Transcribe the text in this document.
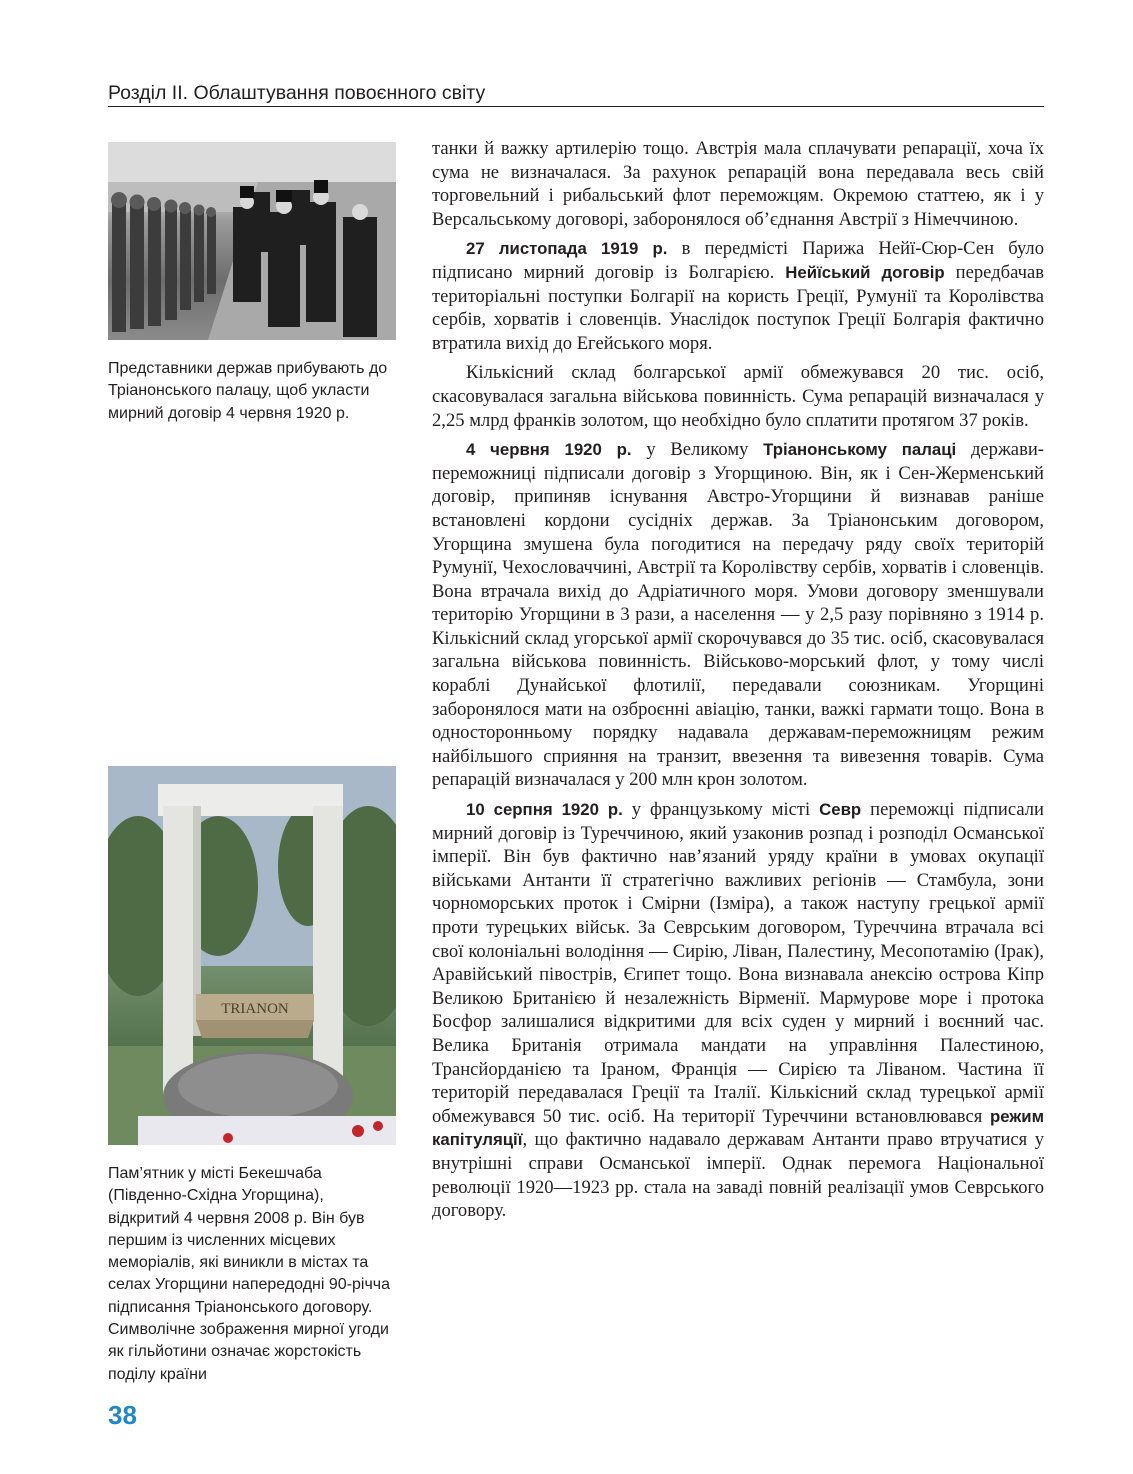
Розділ ІІ. Облаштування повоєнного світу
Представники держав прибувають до Тріанонського палацу, щоб укласти мирний договір 4 червня 1920 р.
TRIANON
Пам’ятник у місті Бекешчаба (Південно-Східна Угорщина), відкритий 4 червня 2008 р. Він був першим із численних місцевих меморіалів, які виникли в містах та селах Угорщини напередодні 90-річча підписання Тріанонського договору. Символічне зображення мирної угоди як гільйотини означає жорстокість поділу країни

танки й важку артилерію тощо. Австрія мала сплачувати репарації, хоча їх сума не визначалася. За рахунок репарацій вона передавала весь свій торговельний і рибальський флот переможцям. Окремою статтею, як і у Версальському договорі, заборонялося об’єднання Австрії з Німеччиною.

27 листопада 1919 р. в передмісті Парижа Нейї-Сюр-Сен було підписано мирний договір із Болгарією. Нейїський договір передбачав територіальні поступки Болгарії на користь Греції, Румунії та Королівства сербів, хорватів і словенців. Унаслідок поступок Греції Болгарія фактично втратила вихід до Егейського моря.

Кількісний склад болгарської армії обмежувався 20 тис. осіб, скасовувалася загальна військова повинність. Сума репарацій визначалася у 2,25 млрд франків золотом, що необхідно було сплатити протягом 37 років.

4 червня 1920 р. у Великому Тріанонському палаці держави-переможниці підписали договір з Угорщиною. Він, як і Сен-Жерменський договір, припиняв існування Австро-Угорщини й визнавав раніше встановлені кордони сусідніх держав. За Тріанонським договором, Угорщина змушена була погодитися на передачу ряду своїх територій Румунії, Чехословаччині, Австрії та Королівству сербів, хорватів і словенців. Вона втрачала вихід до Адріатичного моря. Умови договору зменшували територію Угорщини в 3 рази, а населення — у 2,5 разу порівняно з 1914 р. Кількісний склад угорської армії скорочувався до 35 тис. осіб, скасовувалася загальна військова повинність. Військово-морський флот, у тому числі кораблі Дунайської флотилії, передавали союзникам. Угорщині заборонялося мати на озброєнні авіацію, танки, важкі гармати тощо. Вона в односторонньому порядку надавала державам-переможницям режим найбільшого сприяння на транзит, ввезення та вивезення товарів. Сума репарацій визначалася у 200 млн крон золотом.

10 серпня 1920 р. у французькому місті Севр переможці підписали мирний договір із Туреччиною, який узаконив розпад і розподіл Османської імперії. Він був фактично нав’язаний уряду країни в умовах окупації військами Антанти її стратегічно важливих регіонів — Стамбула, зони чорноморських проток і Смірни (Ізміра), а також наступу грецької армії проти турецьких військ. За Севрським договором, Туреччина втрачала всі свої колоніальні володіння — Сирію, Ліван, Палестину, Месопотамію (Ірак), Аравійський півострів, Єгипет тощо. Вона визнавала анексію острова Кіпр Великою Британією й незалежність Вірменії. Мармурове море і протока Босфор залишалися відкритими для всіх суден у мирний і воєнний час. Велика Британія отримала мандати на управління Палестиною, Трансйорданією та Іраном, Франція — Сирією та Ліваном. Частина її територій передавалася Греції та Італії. Кількісний склад турецької армії обмежувався 50 тис. осіб. На території Туреччини встановлювався режим капітуляції, що фактично надавало державам Антанти право втручатися у внутрішні справи Османської імперії. Однак перемога Національної революції 1920—1923 рр. стала на заваді повній реалізації умов Севрського договору.

38
